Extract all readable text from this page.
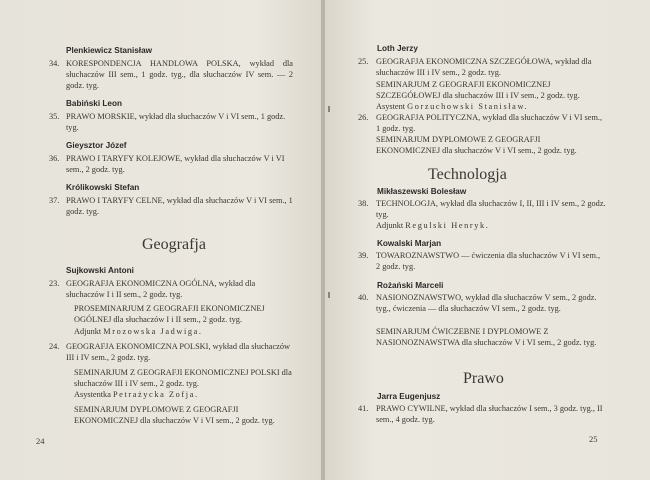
Plenkiewicz Stanisław
34. KORESPONDENCJA HANDLOWA POLSKA, wykład dla słuchaczów III sem., 1 godz. tyg., dla słuchaczów IV sem. — 2 godz. tyg.
Babiński Leon
35. PRAWO MORSKIE, wykład dla słuchaczów V i VI sem., 1 godz. tyg.
Gieysztor Józef
36. PRAWO I TARYFY KOLEJOWE, wykład dla słuchaczów V i VI sem., 2 godz. tyg.
Królikowski Stefan
37. PRAWO I TARYFY CELNE, wykład dla słuchaczów V i VI sem., 1 godz. tyg.
Geografja
Sujkowski Antoni
23. GEOGRAFJA EKONOMICZNA OGÓLNA, wykład dla słuchaczów I i II sem., 2 godz. tyg.
PROSEMINARJUM Z GEOGRAFJI EKONOMICZNEJ OGÓLNEJ dla słuchaczów I i II sem., 2 godz. tyg.
Adjunkt Mrozowska Jadwiga.
24. GEOGRAFJA EKONOMICZNA POLSKI, wykład dla słuchaczów III i IV sem., 2 godz. tyg.
SEMINARJUM Z GEOGRAFJI EKONOMICZNEJ POLSKI dla słuchaczów III i IV sem., 2 godz. tyg.
Asystentka Petrażycka Zofja.
SEMINARJUM DYPLOMOWE Z GEOGRAFJI EKONOMICZNEJ dla słuchaczów V i VI sem., 2 godz. tyg.
24
Loth Jerzy
25. GEOGRAFJA EKONOMICZNA SZCZEGÓŁOWA, wykład dla słuchaczów III i IV sem., 2 godz. tyg.
SEMINARJUM Z GEOGRAFJI EKONOMICZNEJ SZCZEGÓŁOWEJ dla słuchaczów III i IV sem., 2 godz. tyg.
Asystent Gorzuchowski Stanisław.
26. GEOGRAFJA POLITYCZNA, wykład dla słuchaczów V i VI sem., 1 godz. tyg.
SEMINARJUM DYPLOMOWE Z GEOGRAFJI EKONOMICZNEJ dla słuchaczów V i VI sem., 2 godz. tyg.
Technologja
Mikłaszewski Bolesław
38. TECHNOLOGJA, wykład dla słuchaczów I, II, III i IV sem., 2 godz. tyg.
Adjunkt Regulski Henryk.
Kowalski Marjan
39. TOWAROZNAWSTWO — ćwiczenia dla słuchaczów V i VI sem., 2 godz. tyg.
Rożański Marceli
40. NASIONOZNAWSTWO, wykład dla słuchaczów V sem., 2 godz. tyg., ćwiczenia — dla słuchaczów VI sem., 2 godz. tyg.
SEMINARJUM ĆWICZEBNE I DYPLOMOWE Z NASIONOZNAWSTWA dla słuchaczów V i VI sem., 2 godz. tyg.
Prawo
Jarra Eugenjusz
41. PRAWO CYWILNE, wykład dla słuchaczów I sem., 3 godz. tyg., II sem., 4 godz. tyg.
25
